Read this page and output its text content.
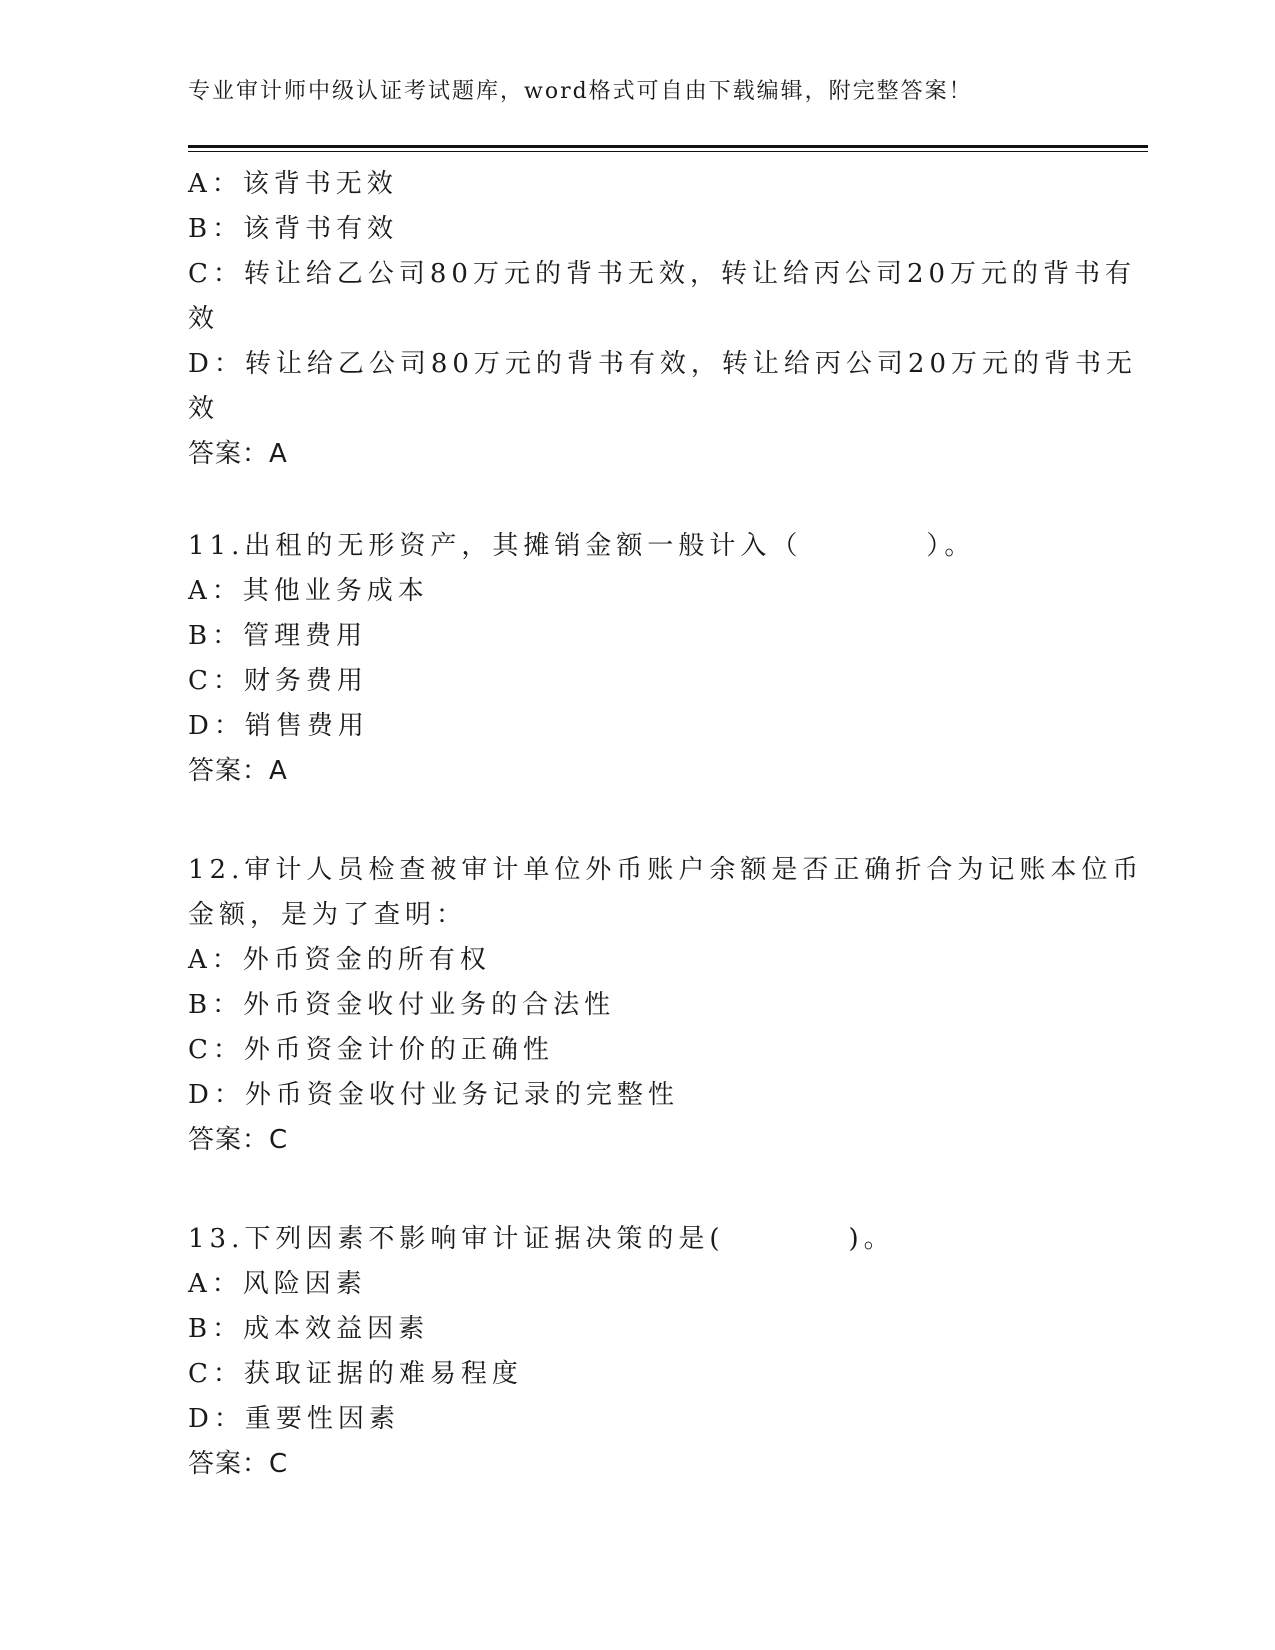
专业审计师中级认证考试题库，word格式可自由下载编辑，附完整答案！
A：该背书无效
B：该背书有效
C：转让给乙公司80万元的背书无效，转让给丙公司20万元的背书有
效
D：转让给乙公司80万元的背书有效，转让给丙公司20万元的背书无
效
答案：A
11.出租的无形资产，其摊销金额一般计入（　　　　）。
A：其他业务成本
B：管理费用
C：财务费用
D：销售费用
答案：A
12.审计人员检查被审计单位外币账户余额是否正确折合为记账本位币
金额，是为了查明：
A：外币资金的所有权
B：外币资金收付业务的合法性
C：外币资金计价的正确性
D：外币资金收付业务记录的完整性
答案：C
13.下列因素不影响审计证据决策的是(　　　　)。
A：风险因素
B：成本效益因素
C：获取证据的难易程度
D：重要性因素
答案：C
